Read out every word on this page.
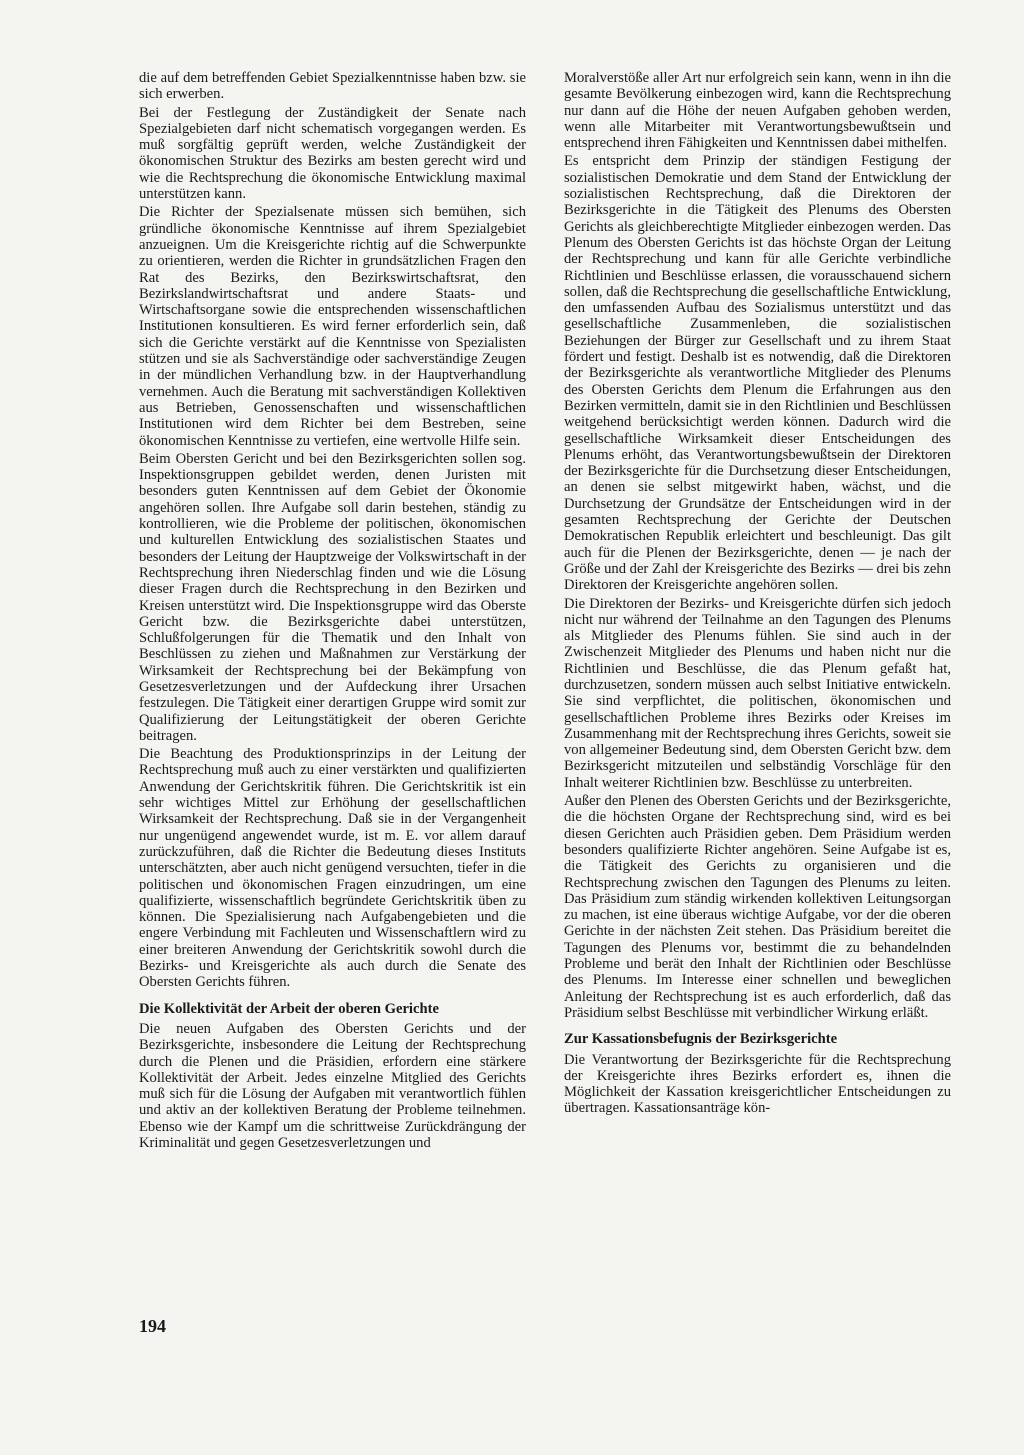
die auf dem betreffenden Gebiet Spezialkenntnisse haben bzw. sie sich erwerben.

Bei der Festlegung der Zuständigkeit der Senate nach Spezialgebieten darf nicht schematisch vorgegangen werden. Es muß sorgfältig geprüft werden, welche Zuständigkeit der ökonomischen Struktur des Bezirks am besten gerecht wird und wie die Rechtsprechung die ökonomische Entwicklung maximal unterstützen kann.

Die Richter der Spezialsenate müssen sich bemühen, sich gründliche ökonomische Kenntnisse auf ihrem Spezialgebiet anzueignen. Um die Kreisgerichte richtig auf die Schwerpunkte zu orientieren, werden die Richter in grundsätzlichen Fragen den Rat des Bezirks, den Bezirkswirtschaftsrat, den Bezirkslandwirtschaftsrat und andere Staats- und Wirtschaftsorgane sowie die entsprechenden wissenschaftlichen Institutionen konsultieren. Es wird ferner erforderlich sein, daß sich die Gerichte verstärkt auf die Kenntnisse von Spezialisten stützen und sie als Sachverständige oder sachverständige Zeugen in der mündlichen Verhandlung bzw. in der Hauptverhandlung vernehmen. Auch die Beratung mit sachverständigen Kollektiven aus Betrieben, Genossenschaften und wissenschaftlichen Institutionen wird dem Richter bei dem Bestreben, seine ökonomischen Kenntnisse zu vertiefen, eine wertvolle Hilfe sein.

Beim Obersten Gericht und bei den Bezirksgerichten sollen sog. Inspektionsgruppen gebildet werden, denen Juristen mit besonders guten Kenntnissen auf dem Gebiet der Ökonomie angehören sollen. Ihre Aufgabe soll darin bestehen, ständig zu kontrollieren, wie die Probleme der politischen, ökonomischen und kulturellen Entwicklung des sozialistischen Staates und besonders der Leitung der Hauptzweige der Volkswirtschaft in der Rechtsprechung ihren Niederschlag finden und wie die Lösung dieser Fragen durch die Rechtsprechung in den Bezirken und Kreisen unterstützt wird. Die Inspektionsgruppe wird das Oberste Gericht bzw. die Bezirksgerichte dabei unterstützen, Schlußfolgerungen für die Thematik und den Inhalt von Beschlüssen zu ziehen und Maßnahmen zur Verstärkung der Wirksamkeit der Rechtsprechung bei der Bekämpfung von Gesetzesverletzungen und der Aufdeckung ihrer Ursachen festzulegen. Die Tätigkeit einer derartigen Gruppe wird somit zur Qualifizierung der Leitungstätigkeit der oberen Gerichte beitragen.

Die Beachtung des Produktionsprinzips in der Leitung der Rechtsprechung muß auch zu einer verstärkten und qualifizierten Anwendung der Gerichtskritik führen. Die Gerichtskritik ist ein sehr wichtiges Mittel zur Erhöhung der gesellschaftlichen Wirksamkeit der Rechtsprechung. Daß sie in der Vergangenheit nur ungenügend angewendet wurde, ist m. E. vor allem darauf zurückzuführen, daß die Richter die Bedeutung dieses Instituts unterschätzten, aber auch nicht genügend versuchten, tiefer in die politischen und ökonomischen Fragen einzudringen, um eine qualifizierte, wissenschaftlich begründete Gerichtskritik üben zu können. Die Spezialisierung nach Aufgabengebieten und die engere Verbindung mit Fachleuten und Wissenschaftlern wird zu einer breiteren Anwendung der Gerichtskritik sowohl durch die Bezirks- und Kreisgerichte als auch durch die Senate des Obersten Gerichts führen.

Die Kollektivität der Arbeit der oberen Gerichte

Die neuen Aufgaben des Obersten Gerichts und der Bezirksgerichte, insbesondere die Leitung der Rechtsprechung durch die Plenen und die Präsidien, erfordern eine stärkere Kollektivität der Arbeit. Jedes einzelne Mitglied des Gerichts muß sich für die Lösung der Aufgaben mit verantwortlich fühlen und aktiv an der kollektiven Beratung der Probleme teilnehmen. Ebenso wie der Kampf um die schrittweise Zurückdrängung der Kriminalität und gegen Gesetzesverletzungen und

Moralverstöße aller Art nur erfolgreich sein kann, wenn in ihn die gesamte Bevölkerung einbezogen wird, kann die Rechtsprechung nur dann auf die Höhe der neuen Aufgaben gehoben werden, wenn alle Mitarbeiter mit Verantwortungsbewußtsein und entsprechend ihren Fähigkeiten und Kenntnissen dabei mithelfen.

Es entspricht dem Prinzip der ständigen Festigung der sozialistischen Demokratie und dem Stand der Entwicklung der sozialistischen Rechtsprechung, daß die Direktoren der Bezirksgerichte in die Tätigkeit des Plenums des Obersten Gerichts als gleichberechtigte Mitglieder einbezogen werden. Das Plenum des Obersten Gerichts ist das höchste Organ der Leitung der Rechtsprechung und kann für alle Gerichte verbindliche Richtlinien und Beschlüsse erlassen, die vorausschauend sichern sollen, daß die Rechtsprechung die gesellschaftliche Entwicklung, den umfassenden Aufbau des Sozialismus unterstützt und das gesellschaftliche Zusammenleben, die sozialistischen Beziehungen der Bürger zur Gesellschaft und zu ihrem Staat fördert und festigt. Deshalb ist es notwendig, daß die Direktoren der Bezirksgerichte als verantwortliche Mitglieder des Plenums des Obersten Gerichts dem Plenum die Erfahrungen aus den Bezirken vermitteln, damit sie in den Richtlinien und Beschlüssen weitgehend berücksichtigt werden können. Dadurch wird die gesellschaftliche Wirksamkeit dieser Entscheidungen des Plenums erhöht, das Verantwortungsbewußtsein der Direktoren der Bezirksgerichte für die Durchsetzung dieser Entscheidungen, an denen sie selbst mitgewirkt haben, wächst, und die Durchsetzung der Grundsätze der Entscheidungen wird in der gesamten Rechtsprechung der Gerichte der Deutschen Demokratischen Republik erleichtert und beschleunigt. Das gilt auch für die Plenen der Bezirksgerichte, denen — je nach der Größe und der Zahl der Kreisgerichte des Bezirks — drei bis zehn Direktoren der Kreisgerichte angehören sollen.

Die Direktoren der Bezirks- und Kreisgerichte dürfen sich jedoch nicht nur während der Teilnahme an den Tagungen des Plenums als Mitglieder des Plenums fühlen. Sie sind auch in der Zwischenzeit Mitglieder des Plenums und haben nicht nur die Richtlinien und Beschlüsse, die das Plenum gefaßt hat, durchzusetzen, sondern müssen auch selbst Initiative entwickeln. Sie sind verpflichtet, die politischen, ökonomischen und gesellschaftlichen Probleme ihres Bezirks oder Kreises im Zusammenhang mit der Rechtsprechung ihres Gerichts, soweit sie von allgemeiner Bedeutung sind, dem Obersten Gericht bzw. dem Bezirksgericht mitzuteilen und selbständig Vorschläge für den Inhalt weiterer Richtlinien bzw. Beschlüsse zu unterbreiten.

Außer den Plenen des Obersten Gerichts und der Bezirksgerichte, die die höchsten Organe der Rechtsprechung sind, wird es bei diesen Gerichten auch Präsidien geben. Dem Präsidium werden besonders qualifizierte Richter angehören. Seine Aufgabe ist es, die Tätigkeit des Gerichts zu organisieren und die Rechtsprechung zwischen den Tagungen des Plenums zu leiten. Das Präsidium zum ständig wirkenden kollektiven Leitungsorgan zu machen, ist eine überaus wichtige Aufgabe, vor der die oberen Gerichte in der nächsten Zeit stehen. Das Präsidium bereitet die Tagungen des Plenums vor, bestimmt die zu behandelnden Probleme und berät den Inhalt der Richtlinien oder Beschlüsse des Plenums. Im Interesse einer schnellen und beweglichen Anleitung der Rechtsprechung ist es auch erforderlich, daß das Präsidium selbst Beschlüsse mit verbindlicher Wirkung erläßt.

Zur Kassationsbefugnis der Bezirksgerichte

Die Verantwortung der Bezirksgerichte für die Rechtsprechung der Kreisgerichte ihres Bezirks erfordert es, ihnen die Möglichkeit der Kassation kreisgerichtlicher Entscheidungen zu übertragen. Kassationsanträge kön-

194
